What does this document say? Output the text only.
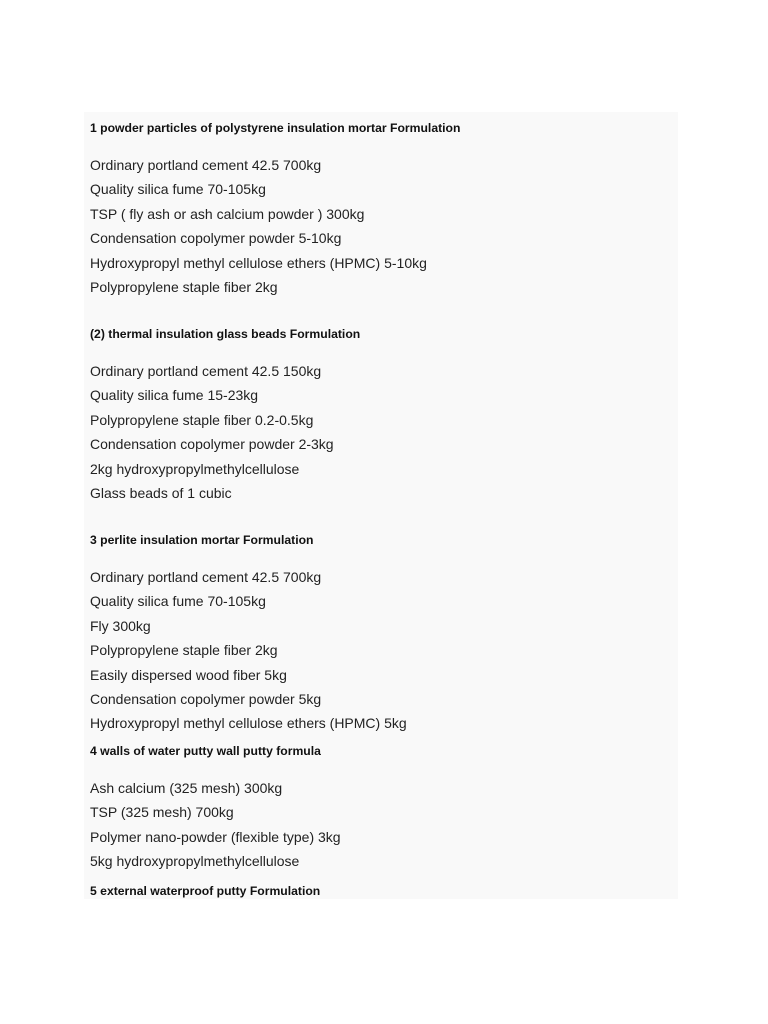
1 powder particles of polystyrene insulation mortar Formulation

Ordinary portland cement 42.5 700kg
Quality silica fume 70-105kg
TSP ( fly ash or ash calcium powder ) 300kg
Condensation copolymer powder 5-10kg
Hydroxypropyl methyl cellulose ethers (HPMC) 5-10kg
Polypropylene staple fiber 2kg

(2) thermal insulation glass beads Formulation

Ordinary portland cement 42.5 150kg
Quality silica fume 15-23kg
Polypropylene staple fiber 0.2-0.5kg
Condensation copolymer powder 2-3kg
2kg hydroxypropylmethylcellulose
Glass beads of 1 cubic

3 perlite insulation mortar Formulation

Ordinary portland cement 42.5 700kg
Quality silica fume 70-105kg
Fly 300kg
Polypropylene staple fiber 2kg
Easily dispersed wood fiber 5kg
Condensation copolymer powder 5kg
Hydroxypropyl methyl cellulose ethers (HPMC) 5kg

4 walls of water putty wall putty formula

Ash calcium (325 mesh) 300kg
TSP (325 mesh) 700kg
Polymer nano-powder (flexible type) 3kg
5kg hydroxypropylmethylcellulose

5 external waterproof putty Formulation
